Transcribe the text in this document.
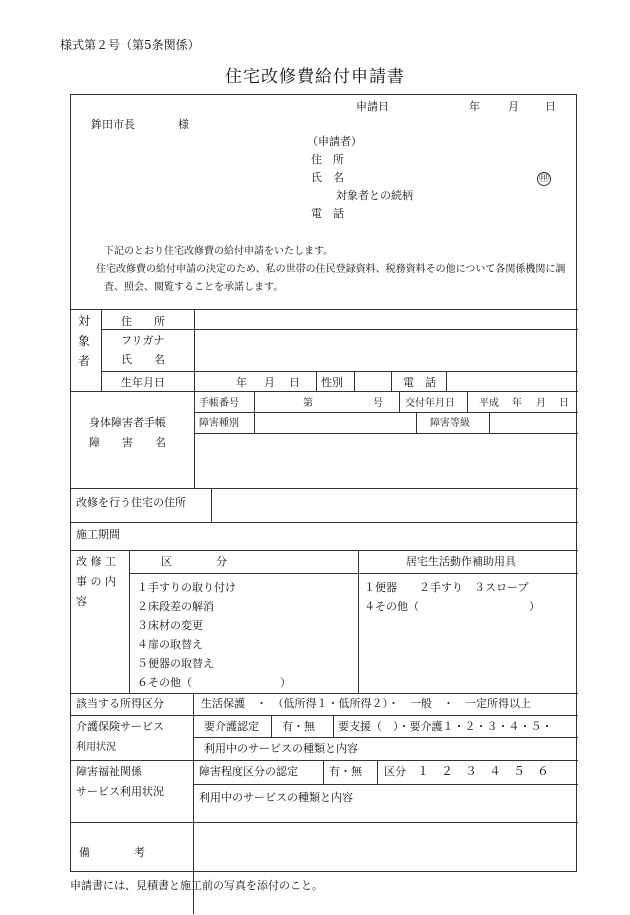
様式第２号（第5条関係）
住宅改修費給付申請書
申請日	年	月 日
鉾田市長	様
（申請者）
住　所
氏　名	㊞
対象者との続柄
電　話
下記のとおり住宅改修費の給付申請をいたします。
住宅改修費の給付申請の決定のため、私の世帯の住民登録資料、税務資料その他について各関係機関に調
査、照会、閲覧することを承諾します。
対
象
者
住　　所
フリガナ
氏　　名
生年月日	年 月 日 性別	電　話
身体障害者手帳
障　　害　　名
手帳番号	第	号 交付年月日 平成 年 月 日
障害種別	障害等級
改修を行う住宅の住所
施工期間
改 修 工
事 の 内
容
区　　　　分	居宅生活動作補助用具
１手すりの取り付け
２床段差の解消
３床材の変更
４扉の取替え
５便器の取替え
６その他（　　　　　　　　）
１便器　　２手すり　３スロープ
４その他（　　　　　　　　　　）
該当する所得区分	生活保護　・　（低所得１・低所得２）・　一般　・　一定所得以上
介護保険サービス
利用状況
要介護認定 有・無 要支援（　）・要介護１・２・３・４・５・
利用中のサービスの種類と内容
障害福祉関係
サービス利用状況
障害程度区分の認定	有・無 区分 １　２　３　４　５　６
利用中のサービスの種類と内容
備　　　　考
申請書には、見積書と施工前の写真を添付のこと。
